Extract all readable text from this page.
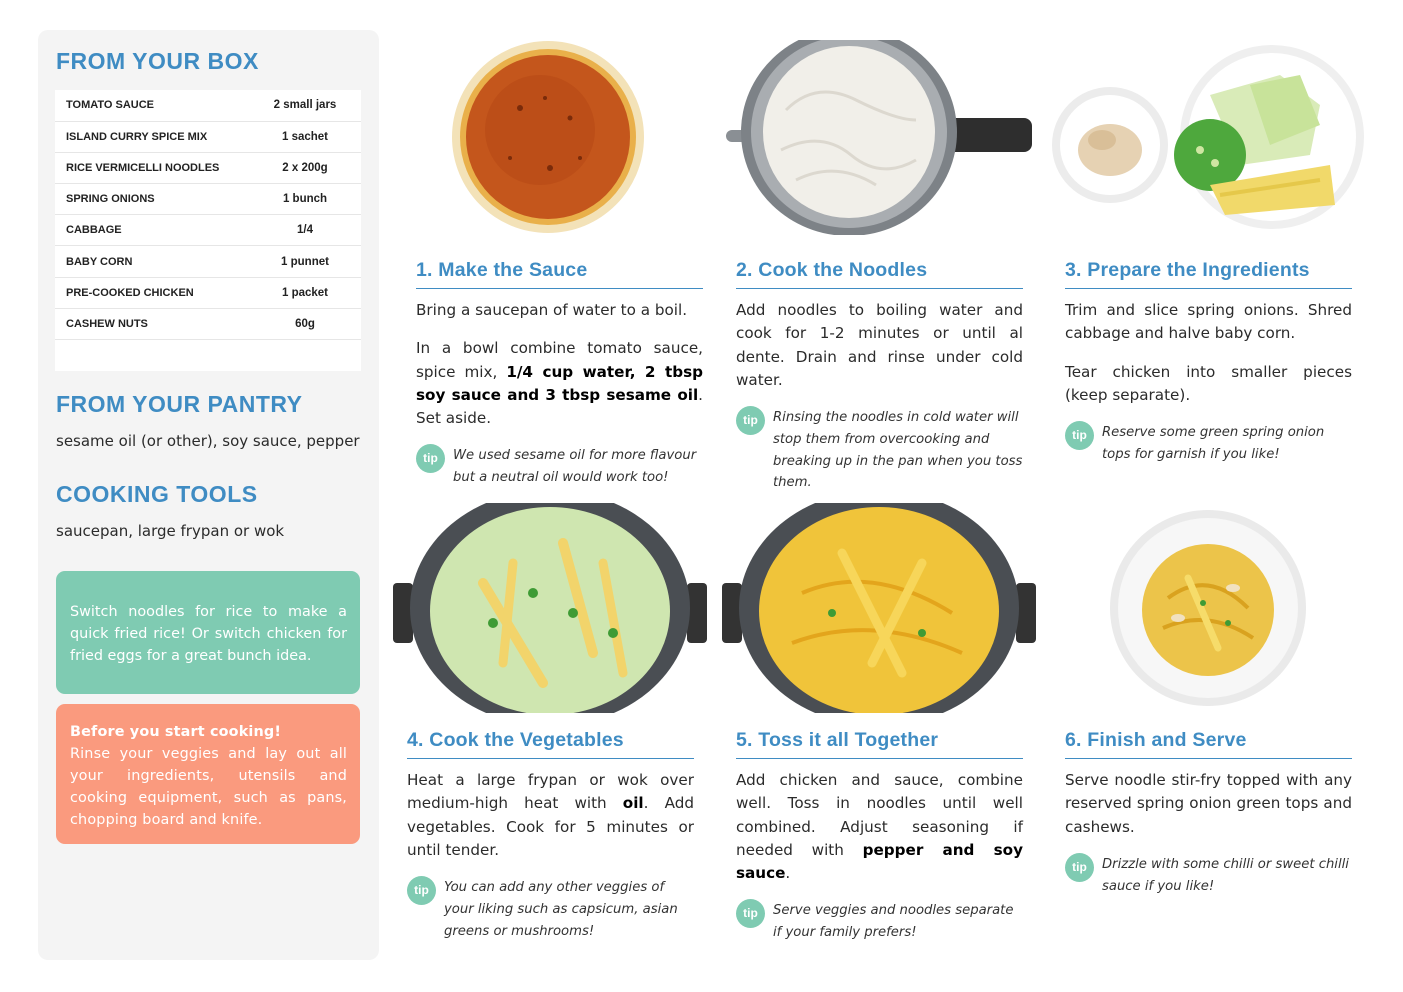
FROM YOUR BOX
TOMATO SAUCE	2 small jars
ISLAND CURRY SPICE MIX	1 sachet
RICE VERMICELLI NOODLES	2 x 200g
SPRING ONIONS	1 bunch
CABBAGE	1/4
BABY CORN	1 punnet
PRE-COOKED CHICKEN	1 packet
CASHEW NUTS	60g

FROM YOUR PANTRY
sesame oil (or other), soy sauce, pepper
COOKING TOOLS
saucepan, large frypan or wok
Switch noodles for rice to make a quick fried rice! Or switch chicken for fried eggs for a great bunch idea.
Before you start cooking!
Rinse your veggies and lay out all your ingredients, utensils and cooking equipment, such as pans, chopping board and knife.
1. Make the Sauce

Bring a saucepan of water to a boil.

In a bowl combine tomato sauce, spice mix, 1/4 cup water, 2 tbsp soy sauce and 3 tbsp sesame oil. Set aside.

tip	We used sesame oil for more flavour but a neutral oil would work too!
2. Cook the Noodles

Add noodles to boiling water and cook for 1-2 minutes or until al dente. Drain and rinse under cold water.

tip	Rinsing the noodles in cold water will stop them from overcooking and breaking up in the pan when you toss them.
3. Prepare the Ingredients

Trim and slice spring onions. Shred cabbage and halve baby corn.

Tear chicken into smaller pieces (keep separate).

tip	Reserve some green spring onion tops for garnish if you like!
4. Cook the Vegetables

Heat a large frypan or wok over medium-high heat with oil. Add vegetables. Cook for 5 minutes or until tender.

tip	You can add any other veggies of your liking such as capsicum, asian greens or mushrooms!
5. Toss it all Together

Add chicken and sauce, combine well. Toss in noodles until well combined. Adjust seasoning if needed with pepper and soy sauce.

tip	Serve veggies and noodles separate if your family prefers!
6. Finish and Serve

Serve noodle stir-fry topped with any reserved spring onion green tops and cashews.

tip	Drizzle with some chilli or sweet chilli sauce if you like!
